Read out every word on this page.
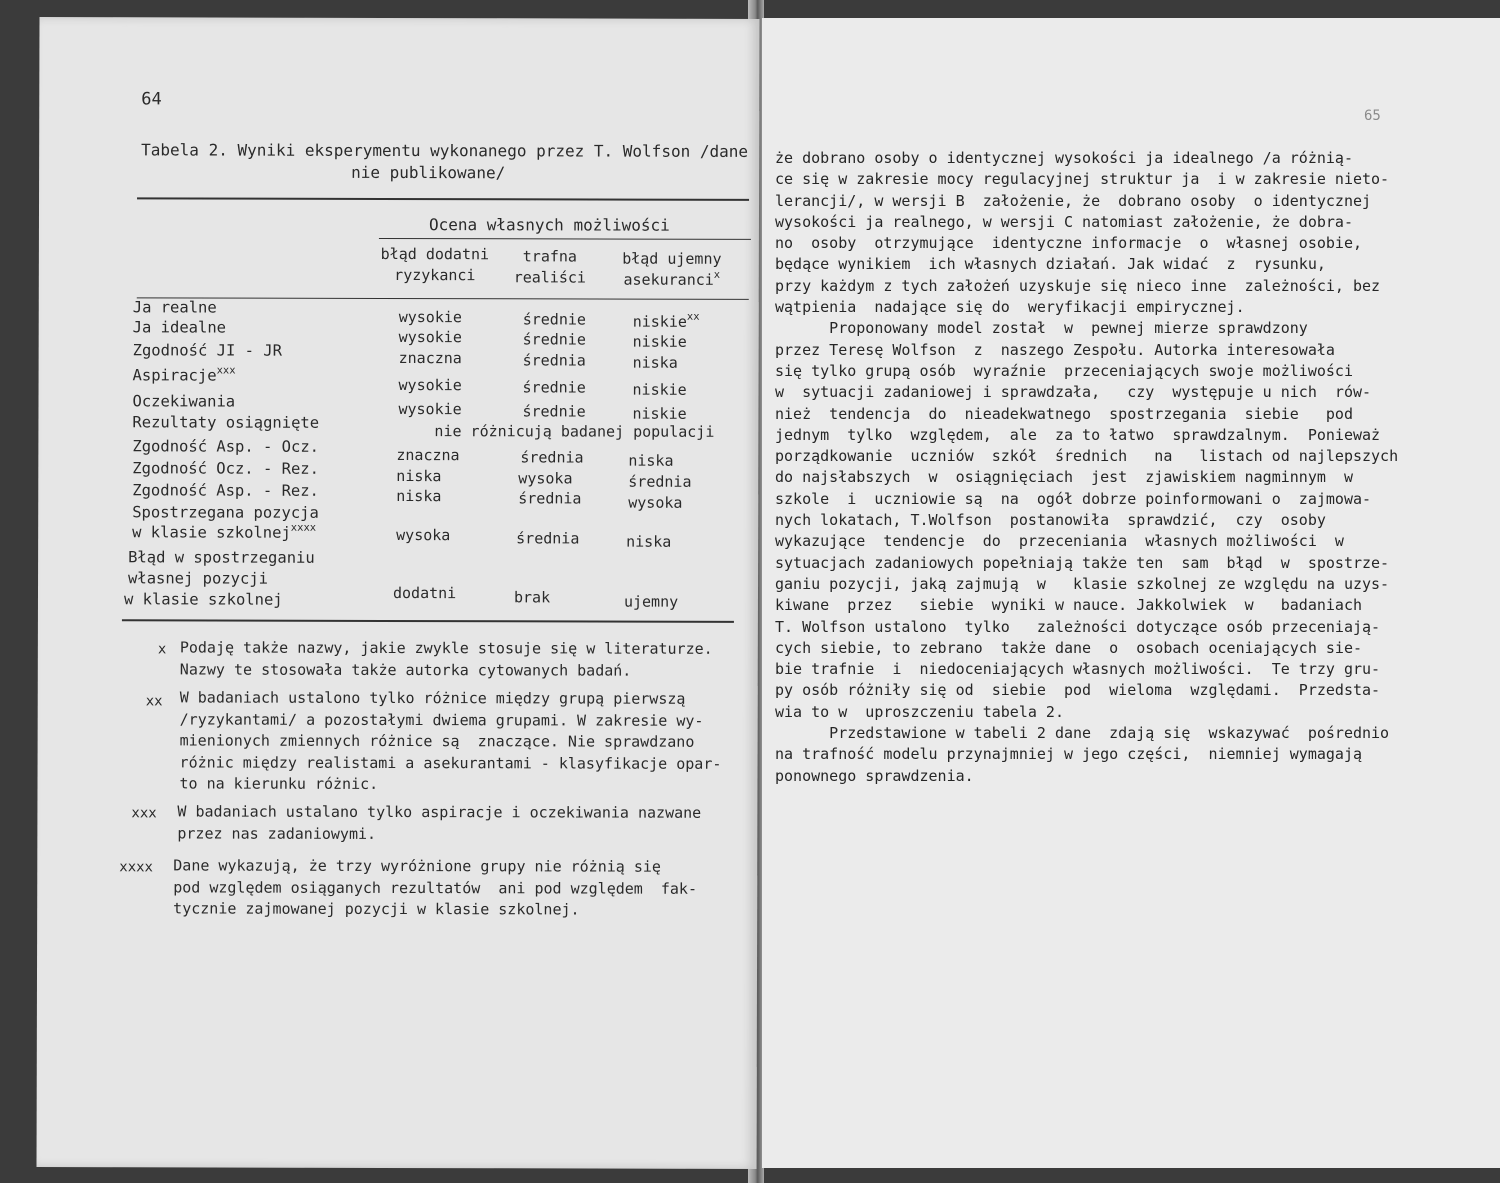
64
Tabela 2. Wyniki eksperymentu wykonanego przez T. Wolfson /dane
nie publikowane/
Ocena własnych możliwości
błąd dodatni
ryzykanci
trafna
realiści
błąd ujemny
asekuranci$^x$
Ja realne
Ja idealne
Zgodność JI - JR
Aspiracje$^{xxx}$
Oczekiwania
Rezultaty osiągnięte
Zgodność Asp. - Ocz.
Zgodność Ocz. - Rez.
Zgodność Asp. - Rez.
Spostrzegana pozycja
w klasie szkolnej$^{xxxx}$
Błąd w spostrzeganiu
własnej pozycji
w klasie szkolnej
wysokie
wysokie
znaczna
wysokie
wysokie
nie różnicują badanej populacji
znaczna
niska
niska
wysoka
dodatni
średnie
średnie
średnia
średnie
średnie
średnia
wysoka
średnia
średnia
brak
niskie$^{xx}$
niskie
niska
niskie
niskie
niska
średnia
wysoka
niska
ujemny
x Podaję także nazwy, jakie zwykle stosuje się w literaturze.
Nazwy te stosowała także autorka cytowanych badań.
xx W badaniach ustalono tylko różnice między grupą pierwszą
/ryzykantami/ a pozostałymi dwiema grupami. W zakresie wy-
mienionych zmiennych różnice są  znaczące. Nie sprawdzano
różnic między realistami a asekurantami - klasyfikacje opar-
to na kierunku różnic.
xxx W badaniach ustalano tylko aspiracje i oczekiwania nazwane
przez nas zadaniowymi.
xxxx Dane wykazują, że trzy wyróżnione grupy nie różnią się
pod względem osiąganych rezultatów  ani pod względem  fak-
tycznie zajmowanej pozycji w klasie szkolnej.
65
że dobrano osoby o identycznej wysokości ja idealnego /a różnią-
ce się w zakresie mocy regulacyjnej struktur ja  i w zakresie nieto-
lerancji/, w wersji B  założenie, że  dobrano osoby  o identycznej
wysokości ja realnego, w wersji C natomiast założenie, że dobra-
no  osoby  otrzymujące  identyczne informacje  o  własnej osobie,
będące wynikiem  ich własnych działań. Jak widać  z  rysunku,
przy każdym z tych założeń uzyskuje się nieco inne  zależności, bez
wątpienia  nadające się do  weryfikacji empirycznej.
Proponowany model został  w  pewnej mierze sprawdzony
przez Teresę Wolfson  z  naszego Zespołu. Autorka interesowała
się tylko grupą osób  wyraźnie  przeceniających swoje możliwości
w  sytuacji zadaniowej i sprawdzała,   czy  występuje u nich  rów-
nież  tendencja  do  nieadekwatnego  spostrzegania  siebie   pod
jednym  tylko  względem,  ale  za to łatwo  sprawdzalnym.  Ponieważ
porządkowanie  uczniów  szkół  średnich   na   listach od najlepszych
do najsłabszych  w  osiągnięciach  jest  zjawiskiem nagminnym  w
szkole  i  uczniowie są  na  ogół dobrze poinformowani o  zajmowa-
nych lokatach, T.Wolfson  postanowiła  sprawdzić,  czy  osoby
wykazujące  tendencje  do  przeceniania  własnych możliwości  w
sytuacjach zadaniowych popełniają także ten  sam  błąd  w  spostrze-
ganiu pozycji, jaką zajmują  w   klasie szkolnej ze względu na uzys-
kiwane  przez   siebie  wyniki w nauce. Jakkolwiek  w   badaniach
T. Wolfson ustalono  tylko   zależności dotyczące osób przeceniają-
cych siebie, to zebrano  także dane  o  osobach oceniających sie-
bie trafnie  i  niedoceniających własnych możliwości.  Te trzy gru-
py osób różniły się od  siebie  pod  wieloma  względami.  Przedsta-
wia to w  uproszczeniu tabela 2.
Przedstawione w tabeli 2 dane  zdają się  wskazywać  pośrednio
na trafność modelu przynajmniej w jego części,  niemniej wymagają
ponownego sprawdzenia.
